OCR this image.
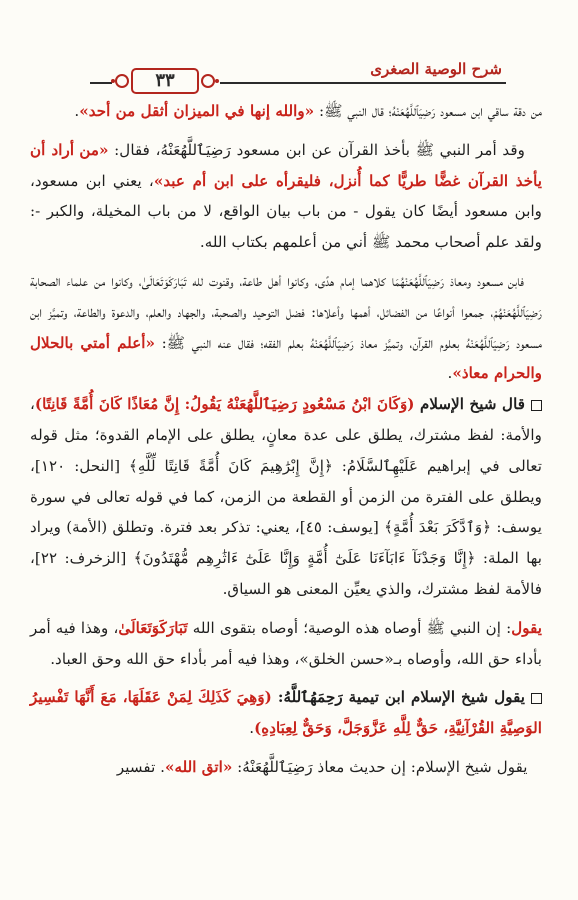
٣٣
شرح الوصية الصغرى

من دقة ساقي ابن مسعود رَضِيَٱللَّهُعَنْهُ؛ قال النبي ﷺ: «والله إنها في الميزان أثقل من أحد».

وقد أمر النبي ﷺ بأخذ القرآن عن ابن مسعود رَضِيَٱللَّهُعَنْهُ، فقال: «من أراد أن يأخذ القرآن غضًّا طريًّا كما أُنزل، فليقرأه على ابن أم عبد»، يعني ابن مسعود، وابن مسعود أيضًا كان يقول - من باب بيان الواقع، لا من باب المخيلة، والكبر -: ولقد علم أصحاب محمد ﷺ أني من أعلمهم بكتاب الله.

فابن مسعود ومعاذ رَضِيَٱللَّهُعَنْهُمَا كلاهما إمام هدًى، وكانوا أهل طاعة، وقنوت لله تَبَارَكَوَتَعَالَىٰ، وكانوا من علماء الصحابة رَضِيَٱللَّهُعَنْهُمْ، جمعوا أنواعًا من الفضائل، أهمها وأعلاها: فضل التوحيد والصحبة، والجهاد والعلم، والدعوة والطاعة، وتميَّز ابن مسعود رَضِيَٱللَّهُعَنْهُ بعلوم القرآن، وتميَّز معاذ رَضِيَٱللَّهُعَنْهُ بعلم الفقه؛ فقال عنه النبي ﷺ: «أعلم أمتي بالحلال والحرام معاذ».

قال شيخ الإسلام (وَكَانَ ابْنُ مَسْعُودٍ رَضِيَٱللَّهُعَنْهُ يَقُولُ: إِنَّ مُعَاذًا كَانَ أُمَّةً قَانِتًا)، والأمة: لفظ مشترك، يطلق على عدة معانٍ، يطلق على الإمام القدوة؛ مثل قوله تعالى في إبراهيم عَلَيْهِٱلسَّلَامُ: ﴿إِنَّ إِبْرَٰهِيمَ كَانَ أُمَّةً قَانِتًا لِّلَّهِ﴾ [النحل: ١٢٠]، ويطلق على الفترة من الزمن أو القطعة من الزمن، كما في قوله تعالى في سورة يوسف: ﴿وَٱدَّكَرَ بَعْدَ أُمَّةٍ﴾ [يوسف: ٤٥]، يعني: تذكر بعد فترة. وتطلق (الأمة) ويراد بها الملة: ﴿إِنَّا وَجَدْنَآ ءَابَآءَنَا عَلَىٰٓ أُمَّةٍ وَإِنَّا عَلَىٰٓ ءَاثَٰرِهِم مُّهْتَدُونَ﴾ [الزخرف: ٢٢]، فالأمة لفظ مشترك، والذي يعيِّن المعنى هو السياق.

يقول: إن النبي ﷺ أوصاه هذه الوصية؛ أوصاه بتقوى الله تَبَارَكَوَتَعَالَىٰ، وهذا فيه أمر بأداء حق الله، وأوصاه بـ«حسن الخلق»، وهذا فيه أمر بأداء حق الله وحق العباد.

يقول شيخ الإسلام ابن تيمية رَحِمَهُٱللَّهُ: (وَهِيَ كَذَلِكَ لِمَنْ عَقَلَهَا، مَعَ أَنَّهَا تَفْسِيرُ الوَصِيَّةِ القُرْآنِيَّةِ، حَقٌّ لِلَّهِ عَزَّوَجَلَّ، وَحَقٌّ لِعِبَادِهِ).

يقول شيخ الإسلام: إن حديث معاذ رَضِيَٱللَّهُعَنْهُ: «اتق الله». تفسير
